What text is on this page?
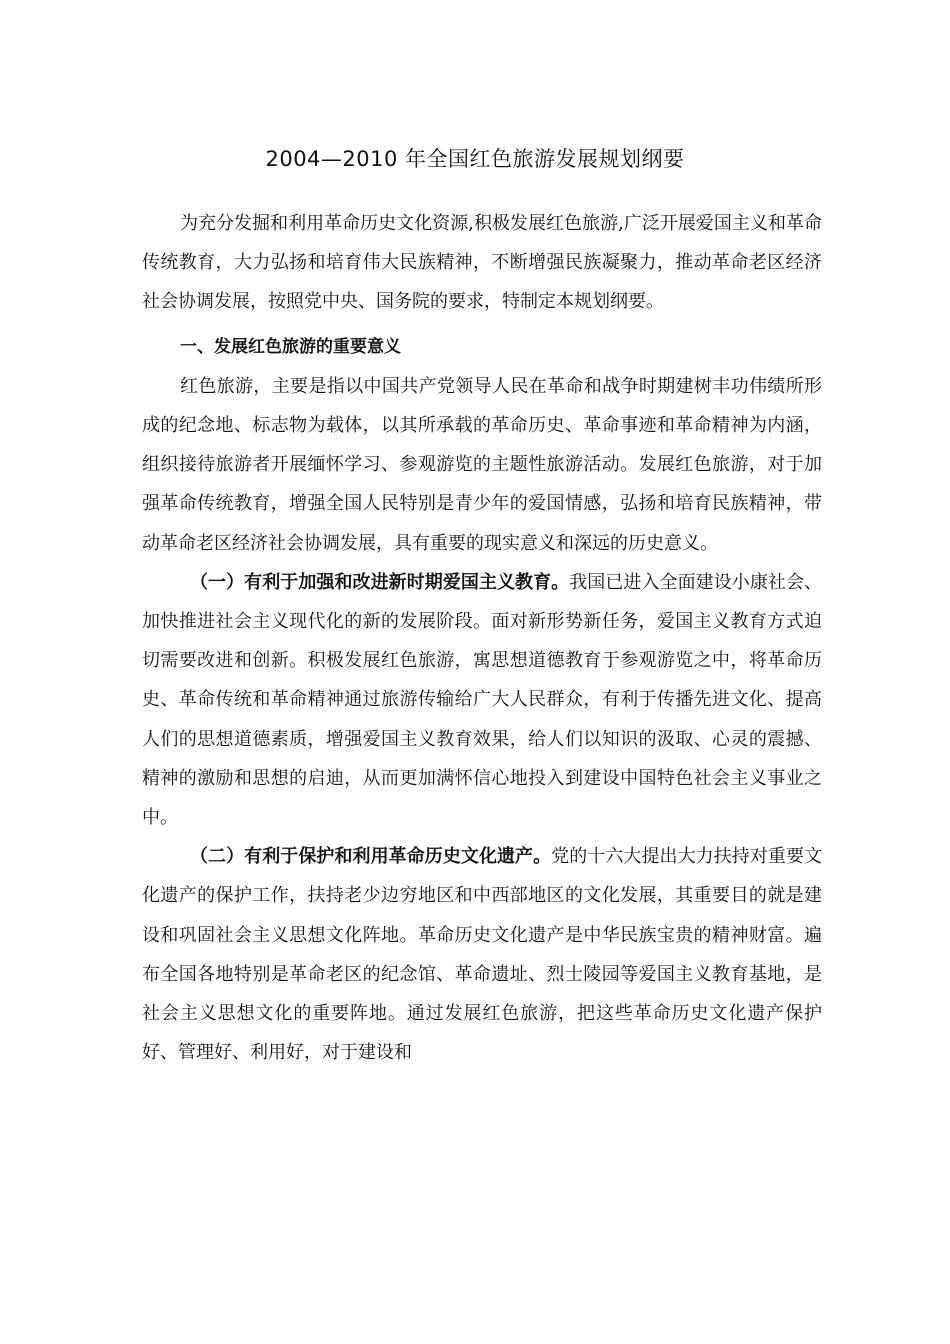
2004—2010 年全国红色旅游发展规划纲要

为充分发掘和利用革命历史文化资源,积极发展红色旅游,广泛开展爱国主义和革命传统教育，大力弘扬和培育伟大民族精神，不断增强民族凝聚力，推动革命老区经济社会协调发展，按照党中央、国务院的要求，特制定本规划纲要。

一、发展红色旅游的重要意义

红色旅游，主要是指以中国共产党领导人民在革命和战争时期建树丰功伟绩所形成的纪念地、标志物为载体，以其所承载的革命历史、革命事迹和革命精神为内涵，组织接待旅游者开展缅怀学习、参观游览的主题性旅游活动。发展红色旅游，对于加强革命传统教育，增强全国人民特别是青少年的爱国情感，弘扬和培育民族精神，带动革命老区经济社会协调发展，具有重要的现实意义和深远的历史意义。

（一）有利于加强和改进新时期爱国主义教育。我国已进入全面建设小康社会、加快推进社会主义现代化的新的发展阶段。面对新形势新任务，爱国主义教育方式迫切需要改进和创新。积极发展红色旅游，寓思想道德教育于参观游览之中，将革命历史、革命传统和革命精神通过旅游传输给广大人民群众，有利于传播先进文化、提高人们的思想道德素质，增强爱国主义教育效果，给人们以知识的汲取、心灵的震撼、精神的激励和思想的启迪，从而更加满怀信心地投入到建设中国特色社会主义事业之中。

（二）有利于保护和利用革命历史文化遗产。党的十六大提出大力扶持对重要文化遗产的保护工作，扶持老少边穷地区和中西部地区的文化发展，其重要目的就是建设和巩固社会主义思想文化阵地。革命历史文化遗产是中华民族宝贵的精神财富。遍布全国各地特别是革命老区的纪念馆、革命遗址、烈士陵园等爱国主义教育基地，是社会主义思想文化的重要阵地。通过发展红色旅游，把这些革命历史文化遗产保护好、管理好、利用好，对于建设和
